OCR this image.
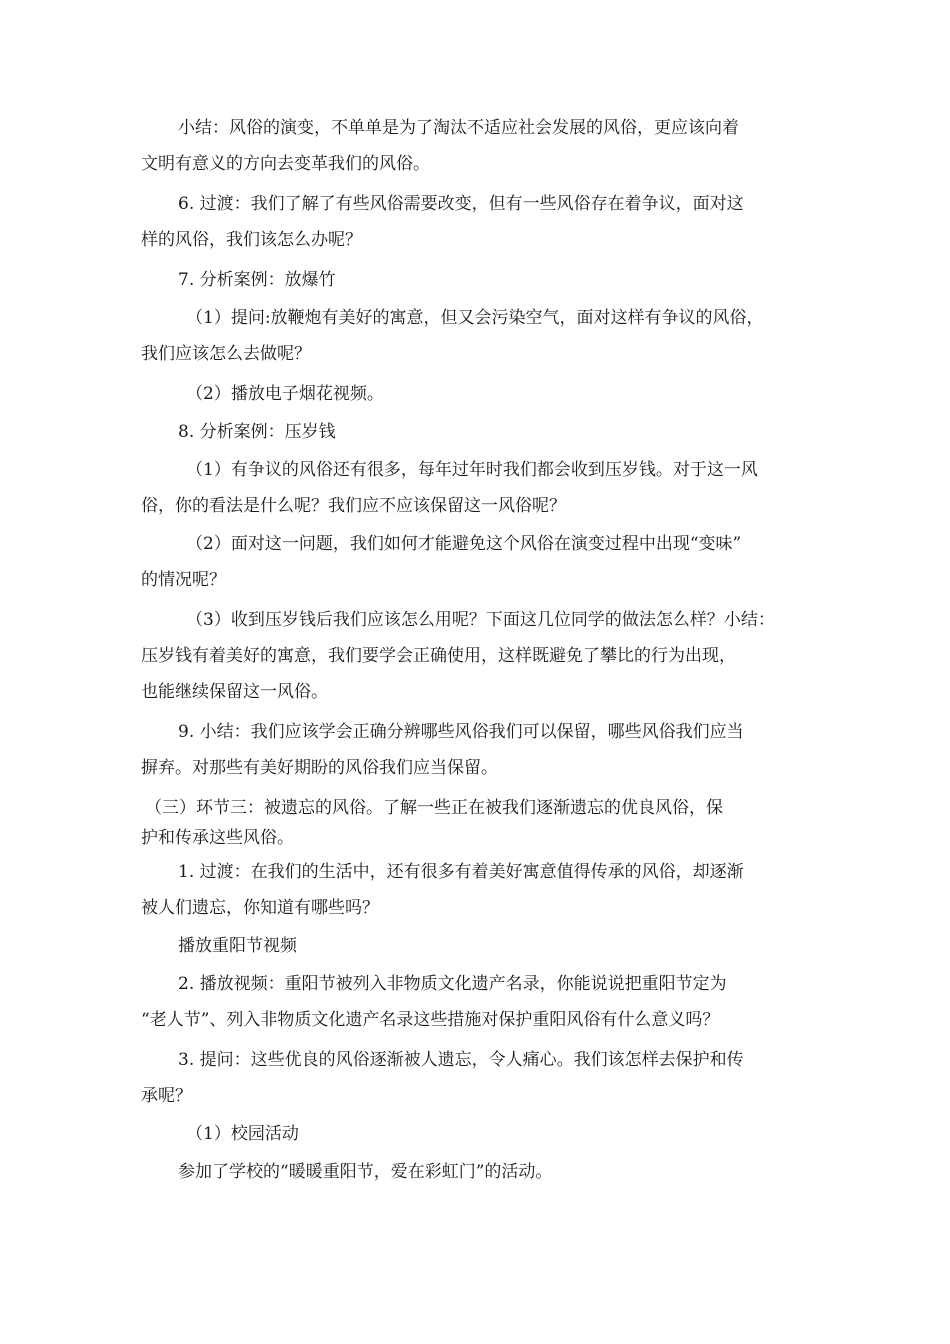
小结：风俗的演变，不单单是为了淘汰不适应社会发展的风俗，更应该向着
文明有意义的方向去变革我们的风俗。
6. 过渡：我们了解了有些风俗需要改变，但有一些风俗存在着争议，面对这
样的风俗，我们该怎么办呢？
7. 分析案例：放爆竹
（1）提问:放鞭炮有美好的寓意，但又会污染空气，面对这样有争议的风俗，
我们应该怎么去做呢？
（2）播放电子烟花视频。
8. 分析案例：压岁钱
（1）有争议的风俗还有很多，每年过年时我们都会收到压岁钱。对于这一风
俗，你的看法是什么呢？我们应不应该保留这一风俗呢？
（2）面对这一问题，我们如何才能避免这个风俗在演变过程中出现“变味”
的情况呢？
（3）收到压岁钱后我们应该怎么用呢？下面这几位同学的做法怎么样？小结：
压岁钱有着美好的寓意，我们要学会正确使用，这样既避免了攀比的行为出现，
也能继续保留这一风俗。
9. 小结：我们应该学会正确分辨哪些风俗我们可以保留，哪些风俗我们应当
摒弃。对那些有美好期盼的风俗我们应当保留。
（三）环节三：被遗忘的风俗。了解一些正在被我们逐渐遗忘的优良风俗，保
护和传承这些风俗。
1. 过渡：在我们的生活中，还有很多有着美好寓意值得传承的风俗，却逐渐
被人们遗忘，你知道有哪些吗？
播放重阳节视频
2. 播放视频：重阳节被列入非物质文化遗产名录，你能说说把重阳节定为
“老人节”、列入非物质文化遗产名录这些措施对保护重阳风俗有什么意义吗？
3. 提问：这些优良的风俗逐渐被人遗忘，令人痛心。我们该怎样去保护和传
承呢？
（1）校园活动
参加了学校的“暖暖重阳节，爱在彩虹门”的活动。
